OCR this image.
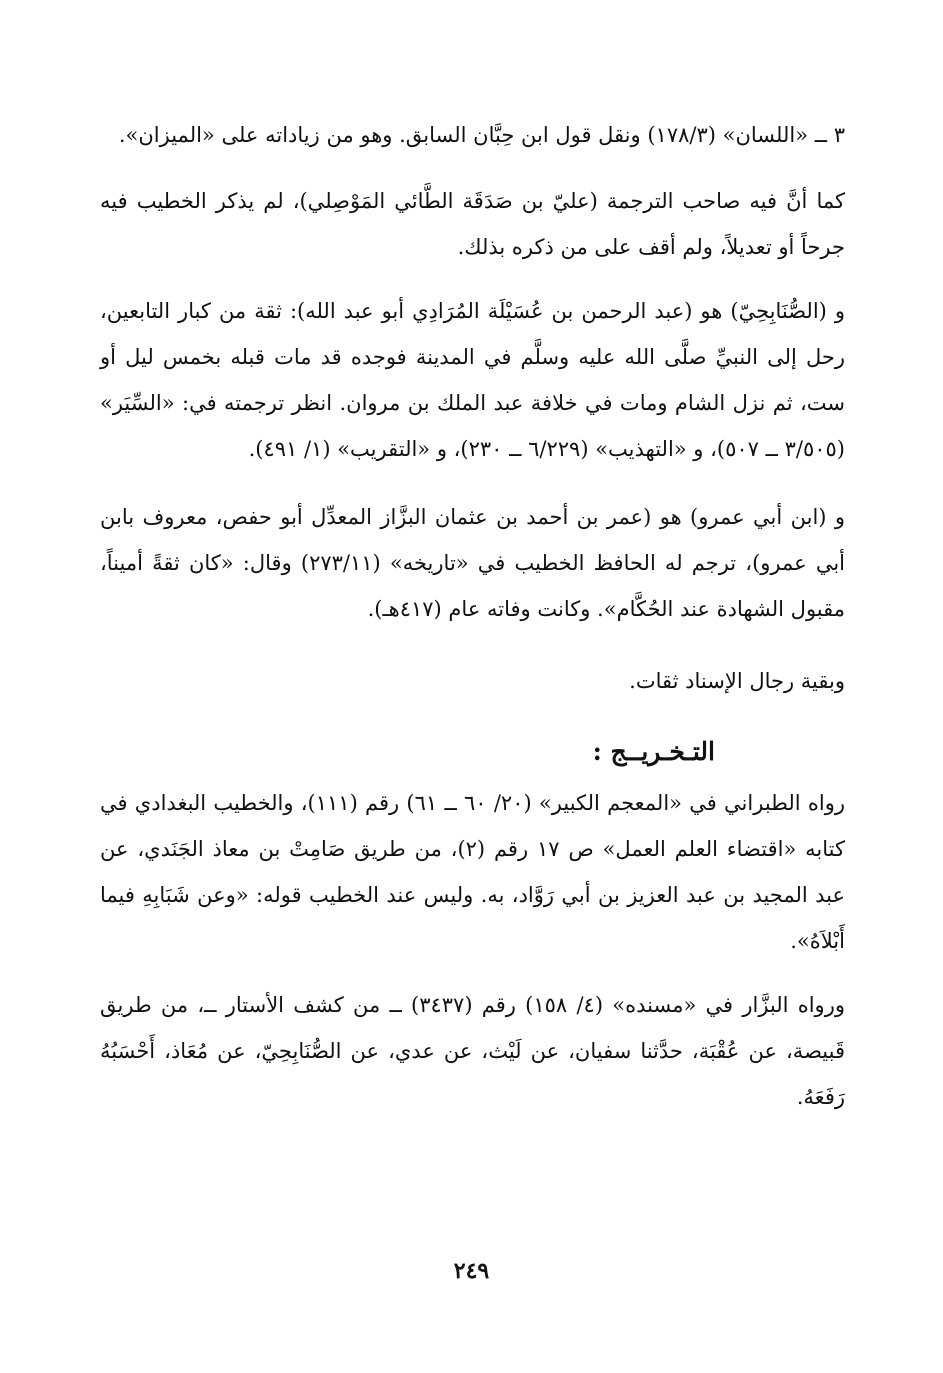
٣ ــ «اللسان» (١٧٨/٣) ونقل قول ابن حِبَّان السابق. وهو من زياداته على «الميزان».

كما أنَّ فيه صاحب الترجمة (عليّ بن صَدَقَة الطَّائي المَوْصِلي)، لم يذكر الخطيب فيه جرحاً أو تعديلاً، ولم أقف على من ذكره بذلك.

و (الصُّنَابِحِيّ) هو (عبد الرحمن بن عُسَيْلَة المُرَادِي أبو عبد الله): ثقة من كبار التابعين، رحل إلى النبيِّ صلَّى الله عليه وسلَّم في المدينة فوجده قد مات قبله بخمس ليل أو ست، ثم نزل الشام ومات في خلافة عبد الملك بن مروان. انظر ترجمته في: «السِّيَر» (٣/٥٠٥ ــ ٥٠٧)، و «التهذيب» (٦/٢٢٩ ــ ٢٣٠)، و «التقريب» (١/ ٤٩١).

و (ابن أبي عمرو) هو (عمر بن أحمد بن عثمان البزَّاز المعدِّل أبو حفص، معروف بابن أبي عمرو)، ترجم له الحافظ الخطيب في «تاريخه» (٢٧٣/١١) وقال: «كان ثقةً أميناً، مقبول الشهادة عند الحُكَّام». وكانت وفاته عام (٤١٧هـ).

وبقية رجال الإسناد ثقات.

التـخـريــج :

رواه الطبراني في «المعجم الكبير» (٢٠/ ٦٠ ــ ٦١) رقم (١١١)، والخطيب البغدادي في كتابه «اقتضاء العلم العمل» ص ١٧ رقم (٢)، من طريق صَامِتْ بن معاذ الجَنَدي، عن عبد المجيد بن عبد العزيز بن أبي رَوَّاد، به. وليس عند الخطيب قوله: «وعن شَبَابِهِ فيما أَبْلاَهُ».

ورواه البزَّار في «مسنده» (٤/ ١٥٨) رقم (٣٤٣٧) ــ من كشف الأستار ــ، من طريق قَبيصة، عن عُقْبَة، حدَّثنا سفيان، عن لَيْث، عن عدي، عن الصُّنَابِحِيّ، عن مُعَاذ، أَحْسَبُهُ رَفَعَهُ.

٢٤٩
